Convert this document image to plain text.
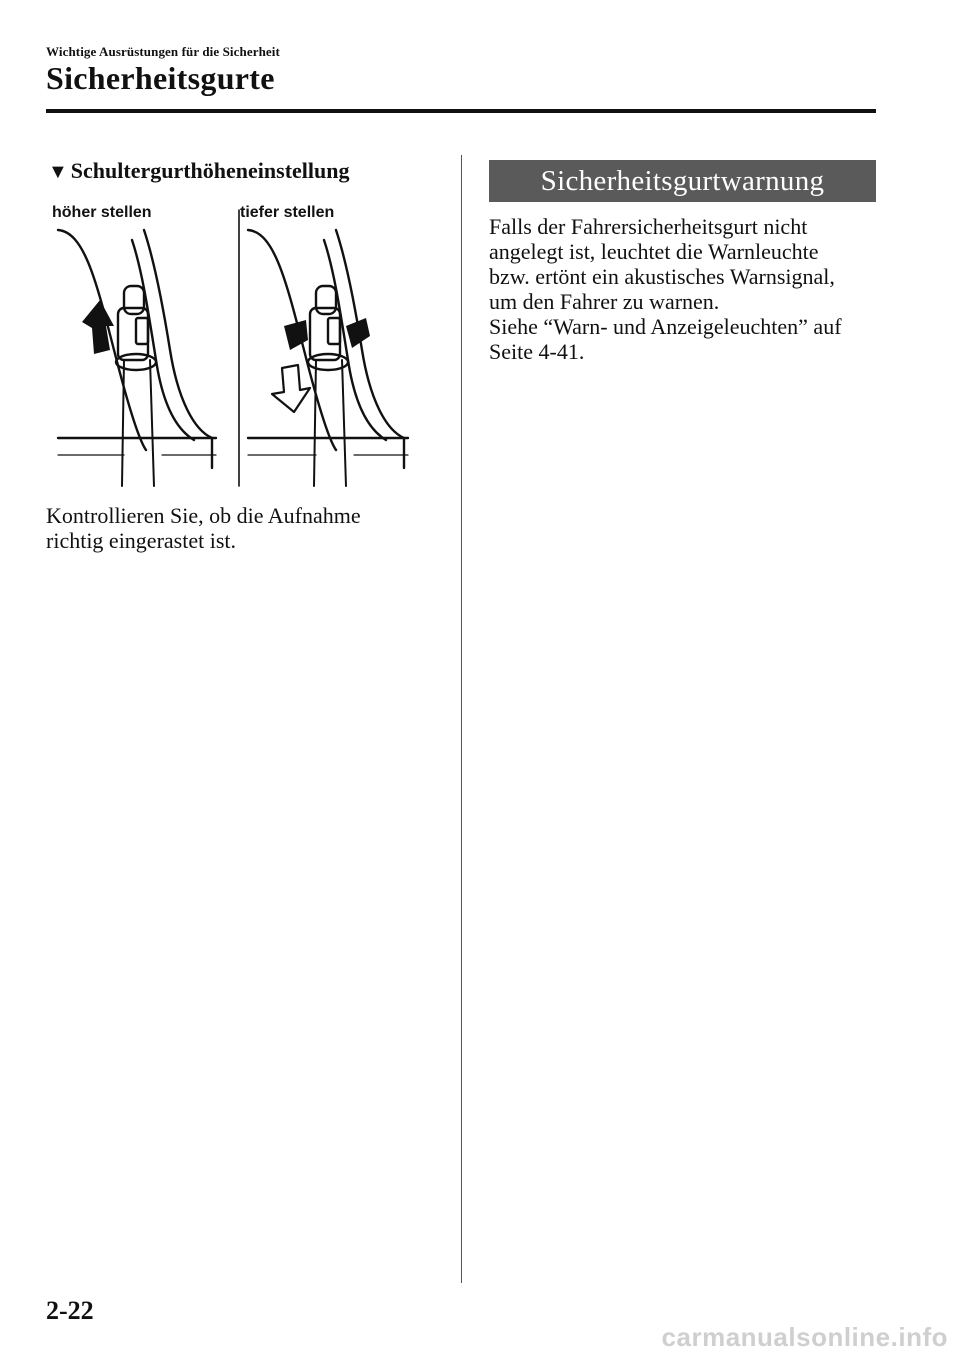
Wichtige Ausrüstungen für die Sicherheit
Sicherheitsgurte
▼ Schultergurthöheneinstellung
höher stellen	tiefer stellen
Kontrollieren Sie, ob die Aufnahme
richtig eingerastet ist.
Sicherheitsgurtwarnung
Falls der Fahrersicherheitsgurt nicht
angelegt ist, leuchtet die Warnleuchte
bzw. ertönt ein akustisches Warnsignal,
um den Fahrer zu warnen.
Siehe “Warn- und Anzeigeleuchten” auf
Seite 4-41.
2-22
carmanualsonline.info
